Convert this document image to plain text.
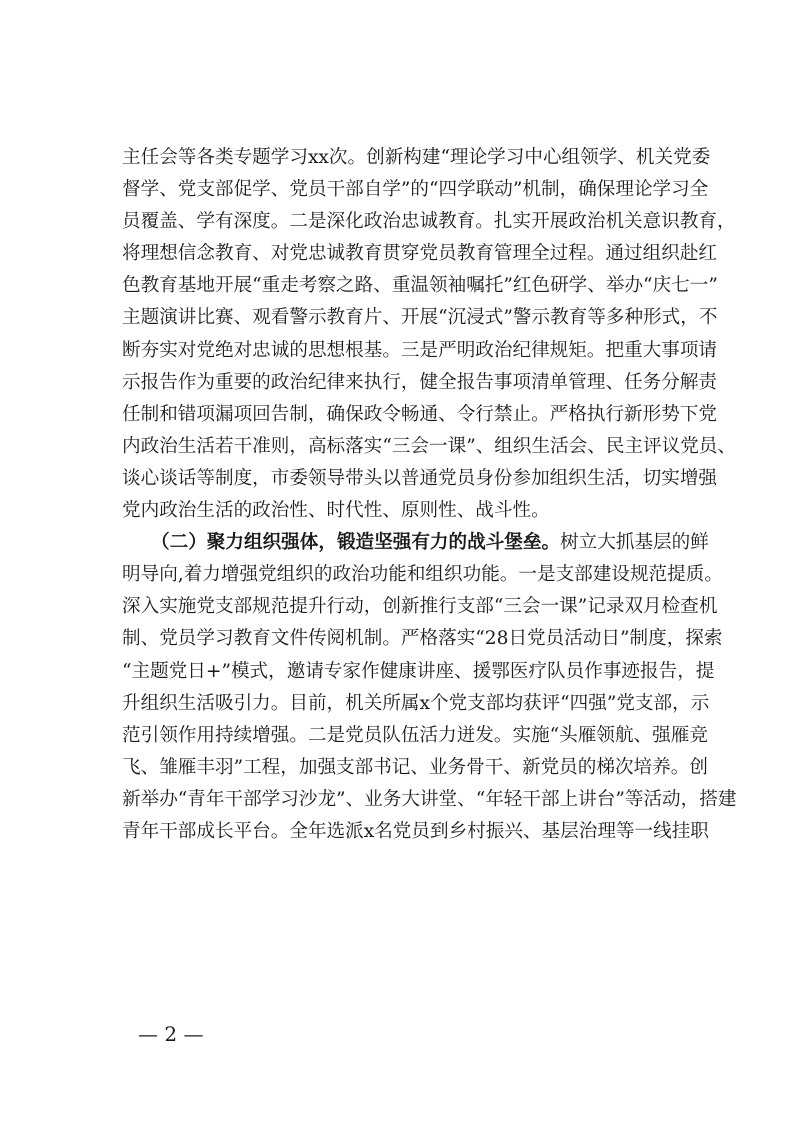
主任会等各类专题学习xx次。创新构建“理论学习中心组领学、机关党委
督学、党支部促学、党员干部自学”的“四学联动”机制，确保理论学习全
员覆盖、学有深度。二是深化政治忠诚教育。扎实开展政治机关意识教育，
将理想信念教育、对党忠诚教育贯穿党员教育管理全过程。通过组织赴红
色教育基地开展“重走考察之路、重温领袖嘱托”红色研学、举办“庆七一”
主题演讲比赛、观看警示教育片、开展“沉浸式”警示教育等多种形式，不
断夯实对党绝对忠诚的思想根基。三是严明政治纪律规矩。把重大事项请
示报告作为重要的政治纪律来执行，健全报告事项清单管理、任务分解责
任制和错项漏项回告制，确保政令畅通、令行禁止。严格执行新形势下党
内政治生活若干准则，高标落实“三会一课”、组织生活会、民主评议党员、
谈心谈话等制度，市委领导带头以普通党员身份参加组织生活，切实增强
党内政治生活的政治性、时代性、原则性、战斗性。
（二）聚力组织强体，锻造坚强有力的战斗堡垒。树立大抓基层的鲜
明导向,着力增强党组织的政治功能和组织功能。一是支部建设规范提质。
深入实施党支部规范提升行动，创新推行支部“三会一课”记录双月检查机
制、党员学习教育文件传阅机制。严格落实“28日党员活动日”制度，探索
“主题党日+”模式，邀请专家作健康讲座、援鄂医疗队员作事迹报告，提
升组织生活吸引力。目前，机关所属x个党支部均获评“四强”党支部，示
范引领作用持续增强。二是党员队伍活力迸发。实施“头雁领航、强雁竞
飞、雏雁丰羽”工程，加强支部书记、业务骨干、新党员的梯次培养。创
新举办“青年干部学习沙龙”、业务大讲堂、“年轻干部上讲台”等活动，搭建
青年干部成长平台。全年选派x名党员到乡村振兴、基层治理等一线挂职
— 2 —
